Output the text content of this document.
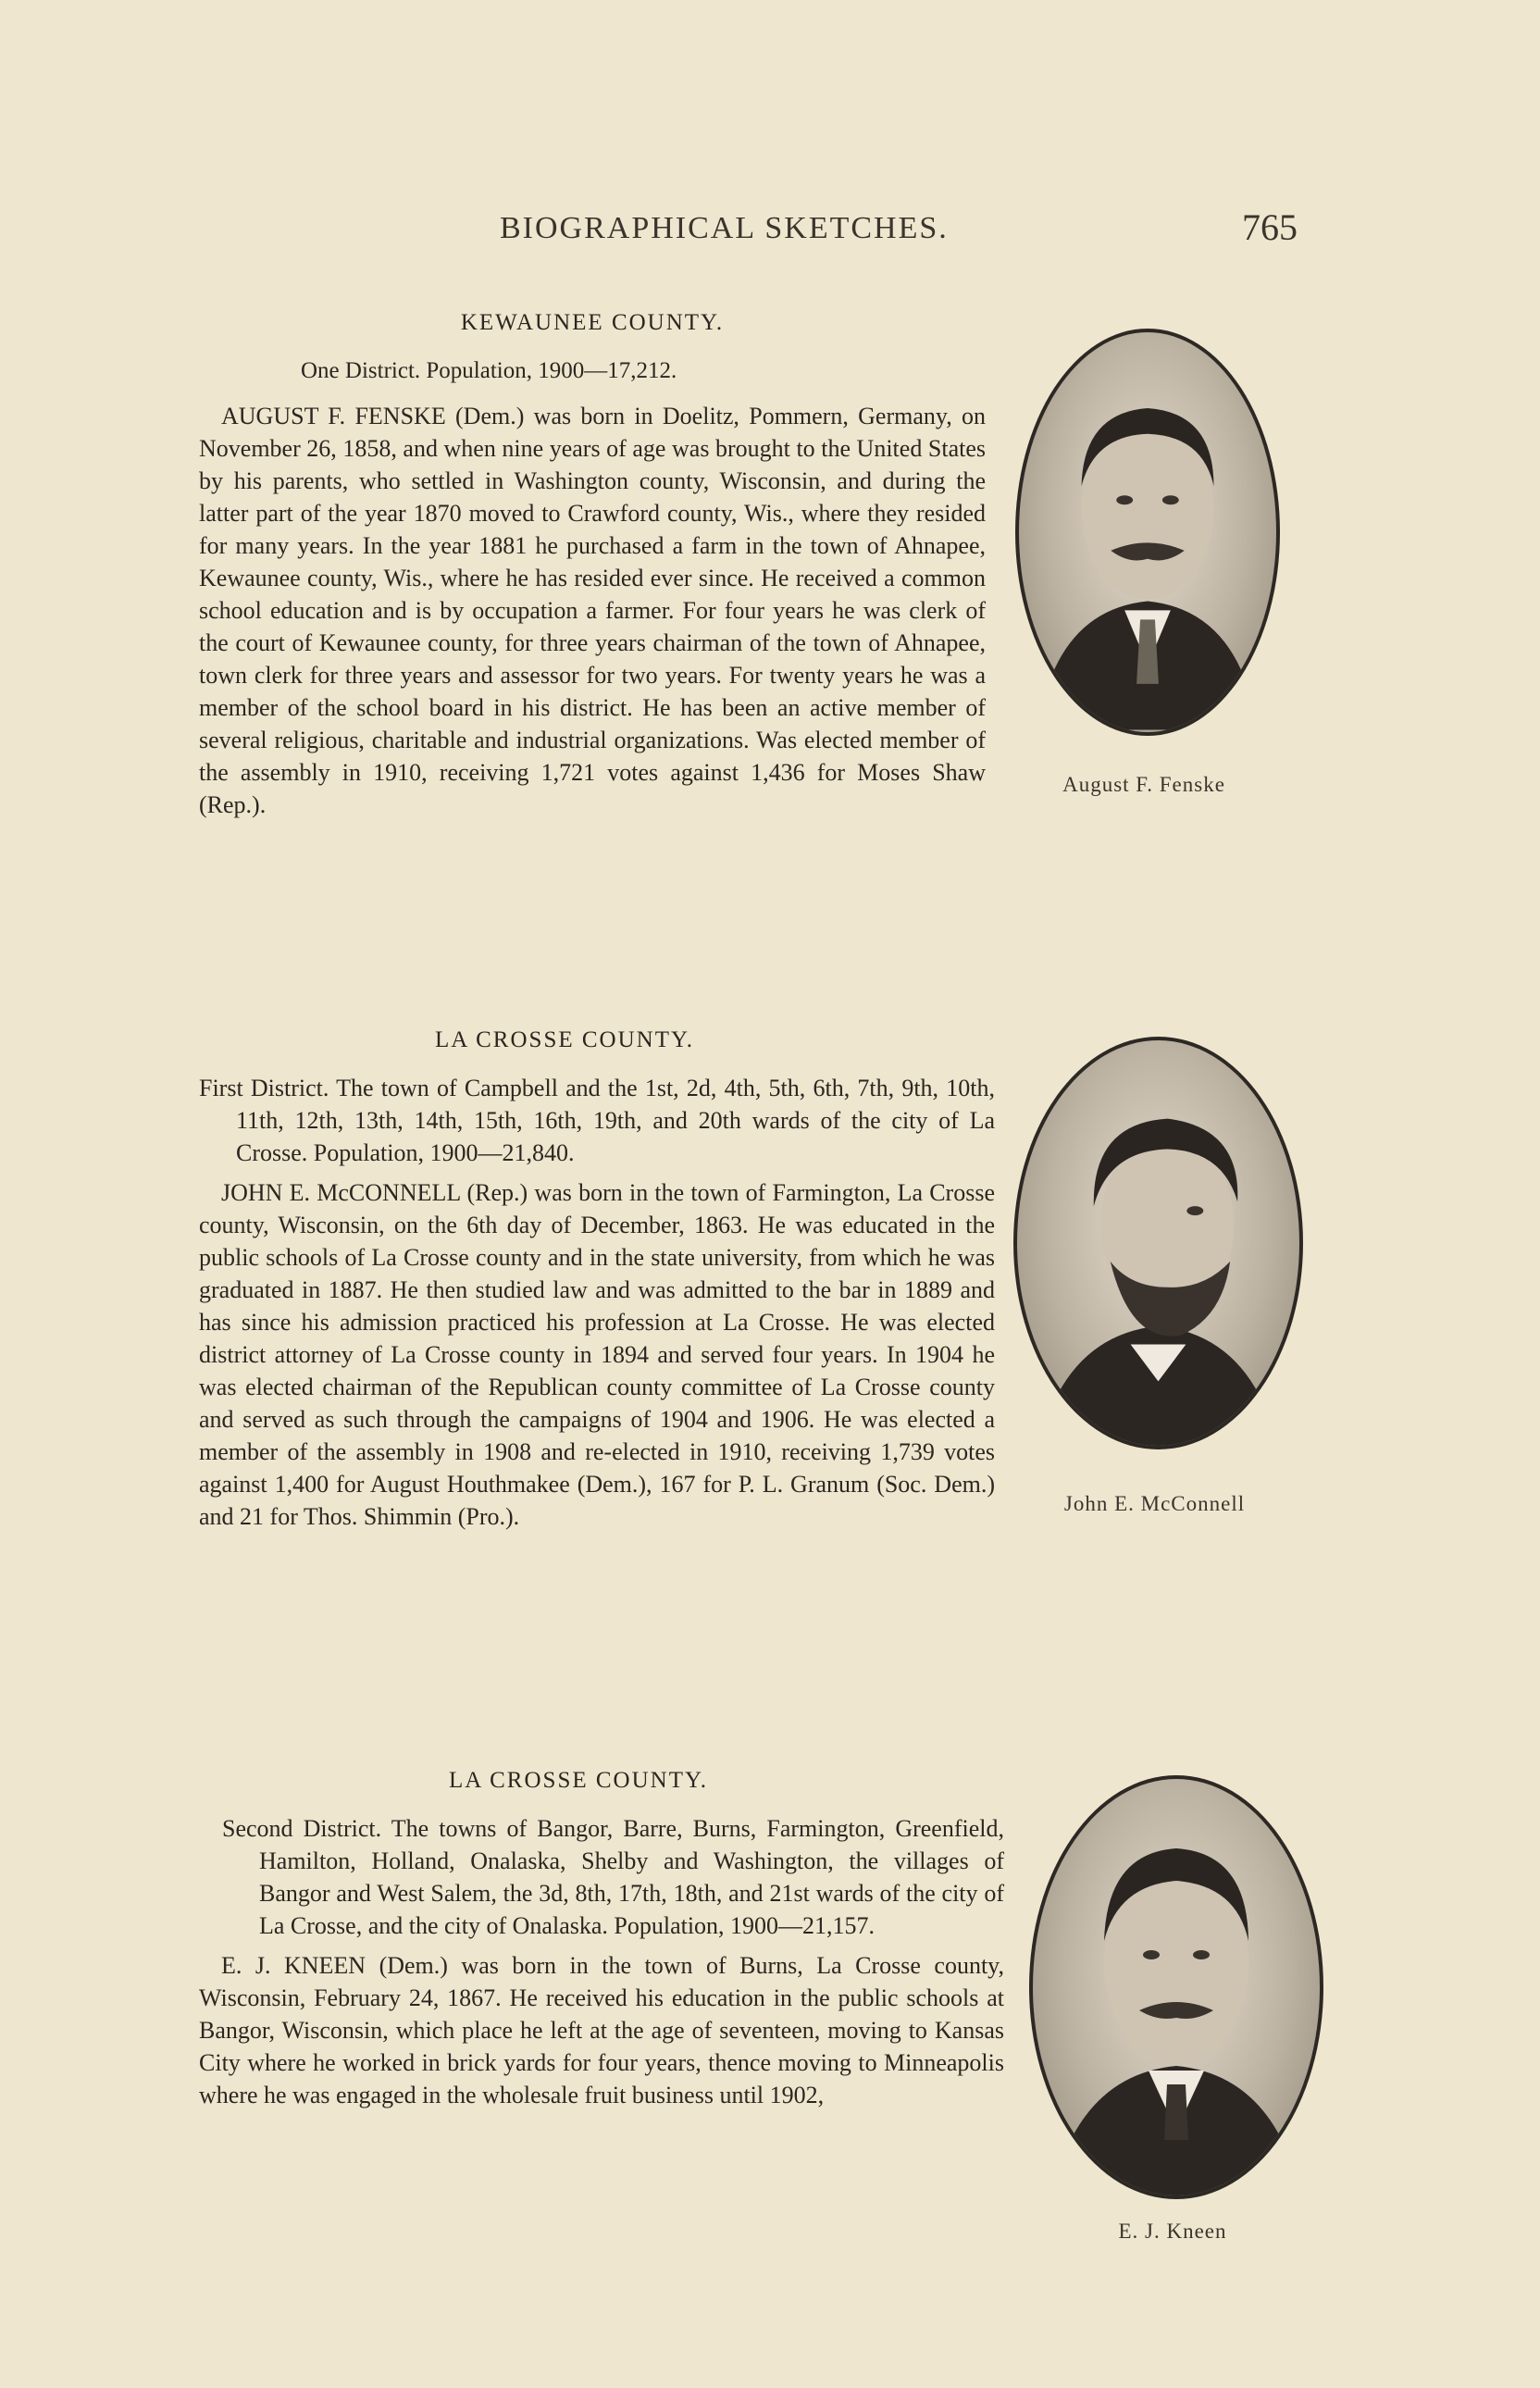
BIOGRAPHICAL SKETCHES.	765

KEWAUNEE COUNTY.

One District. Population, 1900—17,212.

AUGUST F. FENSKE (Dem.) was born in Doelitz, Pommern, Germany, on November 26, 1858, and when nine years of age was brought to the United States by his parents, who settled in Washington county, Wisconsin, and during the latter part of the year 1870 moved to Crawford county, Wis., where they resided for many years. In the year 1881 he purchased a farm in the town of Ahnapee, Kewaunee county, Wis., where he has resided ever since. He received a common school education and is by occupation a farmer. For four years he was clerk of the court of Kewaunee county, for three years chairman of the town of Ahnapee, town clerk for three years and assessor for two years. For twenty years he was a member of the school board in his district. He has been an active member of several religious, charitable and industrial organizations. Was elected member of the assembly in 1910, receiving 1,721 votes against 1,436 for Moses Shaw (Rep.).

August F. Fenske

LA CROSSE COUNTY.

First District. The town of Campbell and the 1st, 2d, 4th, 5th, 6th, 7th, 9th, 10th, 11th, 12th, 13th, 14th, 15th, 16th, 19th, and 20th wards of the city of La Crosse. Population, 1900—21,840.

JOHN E. McCONNELL (Rep.) was born in the town of Farmington, La Crosse county, Wisconsin, on the 6th day of December, 1863. He was educated in the public schools of La Crosse county and in the state university, from which he was graduated in 1887. He then studied law and was admitted to the bar in 1889 and has since his admission practiced his profession at La Crosse. He was elected district attorney of La Crosse county in 1894 and served four years. In 1904 he was elected chairman of the Republican county committee of La Crosse county and served as such through the campaigns of 1904 and 1906. He was elected a member of the assembly in 1908 and re-elected in 1910, receiving 1,739 votes against 1,400 for August Houthmakee (Dem.), 167 for P. L. Granum (Soc. Dem.) and 21 for Thos. Shimmin (Pro.).	John E. McConnell

LA CROSSE COUNTY.

Second District. The towns of Bangor, Barre, Burns, Farmington, Greenfield, Hamilton, Holland, Onalaska, Shelby and Washington, the villages of Bangor and West Salem, the 3d, 8th, 17th, 18th, and 21st wards of the city of La Crosse, and the city of Onalaska. Population, 1900—21,157.

E. J. KNEEN (Dem.) was born in the town of Burns, La Crosse county, Wisconsin, February 24, 1867. He received his education in the public schools at Bangor, Wisconsin, which place he left at the age of seventeen, moving to Kansas City where he worked in brick yards for four years, thence moving to Minneapolis where he was engaged in the wholesale fruit business until 1902,

E. J. Kneen
